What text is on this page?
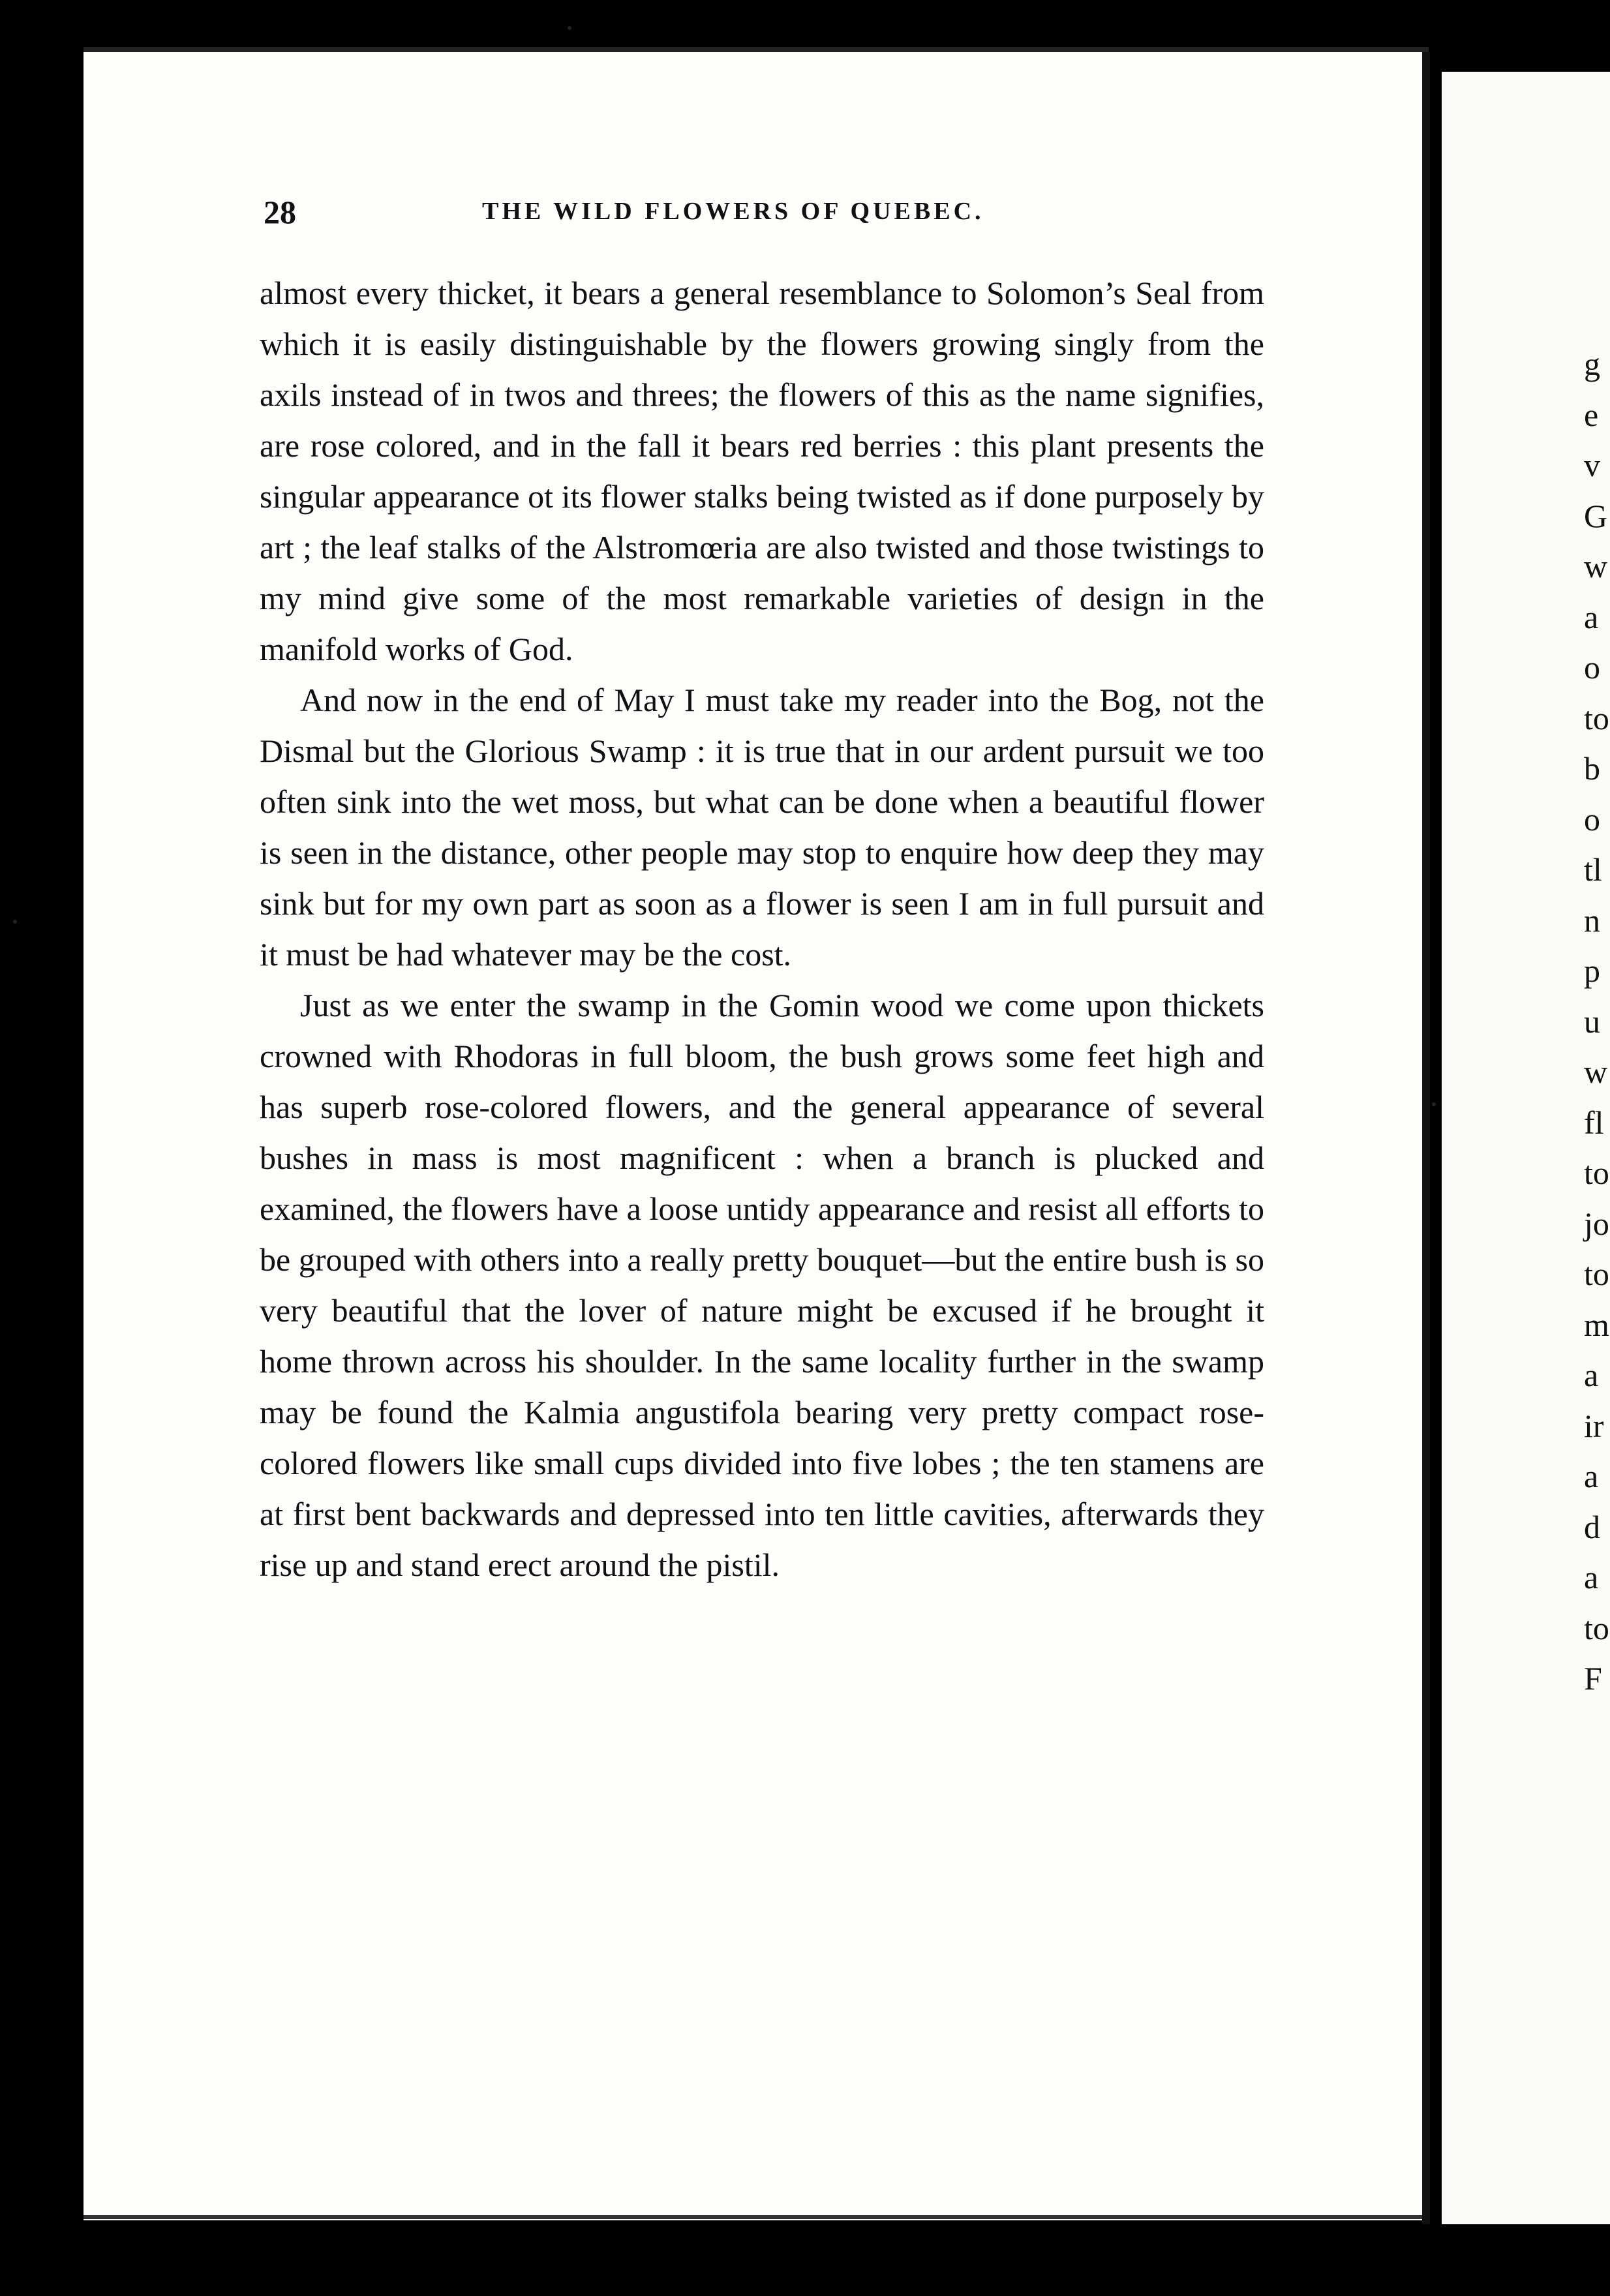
28	THE WILD FLOWERS OF QUEBEC.

almost every thicket, it bears a general resemblance to Solomon’s Seal from which it is easily distinguishable by the flowers growing singly from the axils instead of in twos and threes; the flowers of this as the name signifies, are rose colored, and in the fall it bears red berries : this plant presents the singular appearance ot its flower stalks being twisted as if done purposely by art ; the leaf stalks of the Alstromœria are also twisted and those twistings to my mind give some of the most remarkable varieties of design in the manifold works of God.

And now in the end of May I must take my reader into the Bog, not the Dismal but the Glorious Swamp : it is true that in our ardent pursuit we too often sink into the wet moss, but what can be done when a beautiful flower is seen in the distance, other people may stop to enquire how deep they may sink but for my own part as soon as a flower is seen I am in full pursuit and it must be had whatever may be the cost.

Just as we enter the swamp in the Gomin wood we come upon thickets crowned with Rhodoras in full bloom, the bush grows some feet high and has superb rose-colored flowers, and the general appearance of several bushes in mass is most magnificent : when a branch is plucked and examined, the flowers have a loose untidy appearance and resist all efforts to be grouped with others into a really pretty bouquet—but the entire bush is so very beautiful that the lover of nature might be excused if he brought it home thrown across his shoulder. In the same locality further in the swamp may be found the Kalmia angustifola bearing very pretty compact rose-colored flowers like small cups divided into five lobes ; the ten stamens are at first bent backwards and depressed into ten little cavities, afterwards they rise up and stand erect around the pistil.

g
e
v
G
w
a
o
to
b
o
tl
n
p
u
w
fl
to
jo
to
m
a
ir
a
d
a
to
F
